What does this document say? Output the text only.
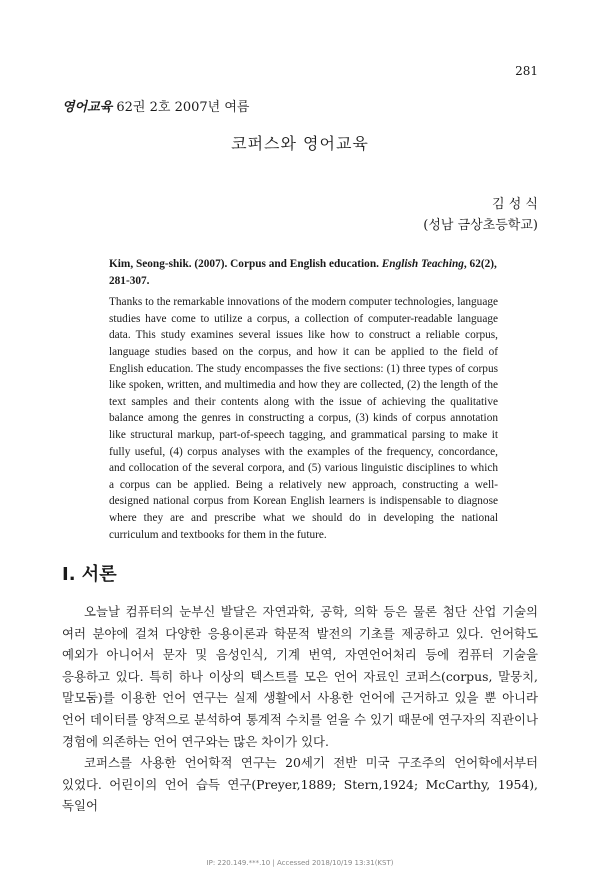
281
영어교육 62권 2호 2007년 여름
코퍼스와 영어교육
김 성 식
(성남 금상초등학교)

Kim, Seong-shik. (2007). Corpus and English education. English Teaching, 62(2), 281-307.

Thanks to the remarkable innovations of the modern computer technologies, language studies have come to utilize a corpus, a collection of computer-readable language data. This study examines several issues like how to construct a reliable corpus, language studies based on the corpus, and how it can be applied to the field of English education. The study encompasses the five sections: (1) three types of corpus like spoken, written, and multimedia and how they are collected, (2) the length of the text samples and their contents along with the issue of achieving the qualitative balance among the genres in constructing a corpus, (3) kinds of corpus annotation like structural markup, part-of-speech tagging, and grammatical parsing to make it fully useful, (4) corpus analyses with the examples of the frequency, concordance, and collocation of the several corpora, and (5) various linguistic disciplines to which a corpus can be applied. Being a relatively new approach, constructing a well-designed national corpus from Korean English learners is indispensable to diagnose where they are and prescribe what we should do in developing the national curriculum and textbooks for them in the future.

I. 서론

오늘날 컴퓨터의 눈부신 발달은 자연과학, 공학, 의학 등은 물론 첨단 산업 기술의 여러 분야에 걸쳐 다양한 응용이론과 학문적 발전의 기초를 제공하고 있다. 언어학도 예외가 아니어서 문자 및 음성인식, 기계 번역, 자연언어처리 등에 컴퓨터 기술을 응용하고 있다. 특히 하나 이상의 텍스트를 모은 언어 자료인 코퍼스(corpus, 말뭉치, 말모둠)를 이용한 언어 연구는 실제 생활에서 사용한 언어에 근거하고 있을 뿐 아니라 언어 데이터를 양적으로 분석하여 통계적 수치를 얻을 수 있기 때문에 연구자의 직관이나 경험에 의존하는 언어 연구와는 많은 차이가 있다.

코퍼스를 사용한 언어학적 연구는 20세기 전반 미국 구조주의 언어학에서부터 있었다. 어린이의 언어 습득 연구(Preyer,1889; Stern,1924; McCarthy, 1954), 독일어

IP: 220.149.***.10 | Accessed 2018/10/19 13:31(KST)
